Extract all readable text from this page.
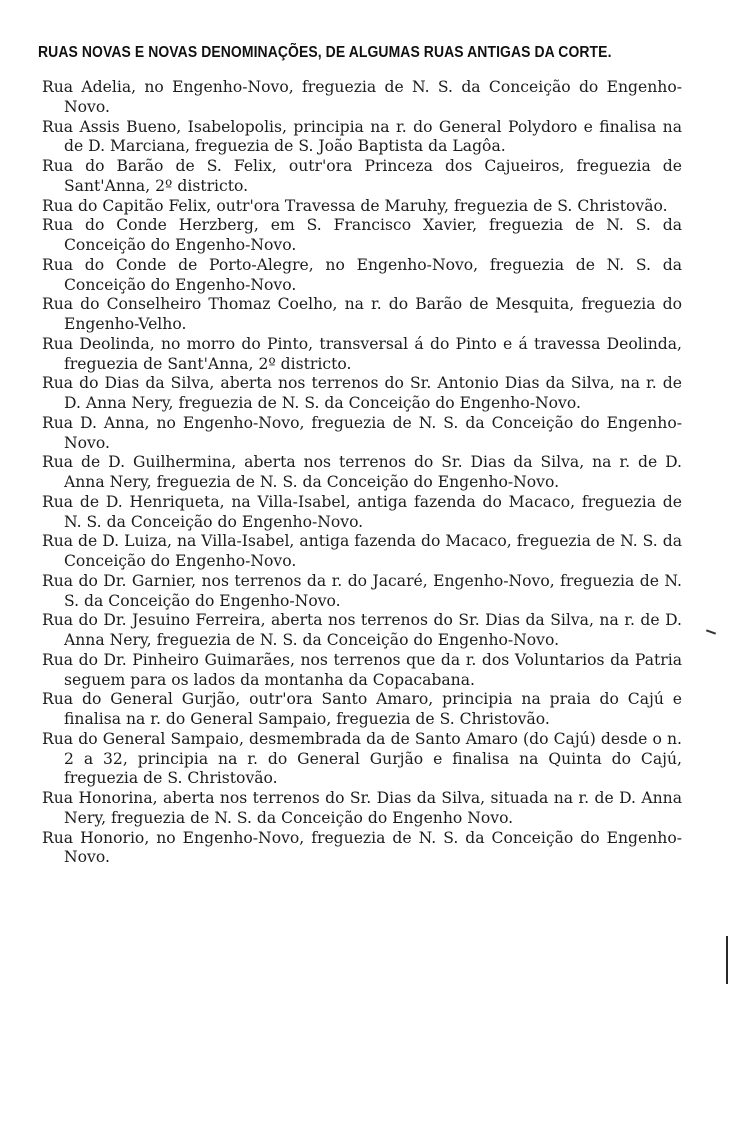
RUAS NOVAS E NOVAS DENOMINAÇÕES, DE ALGUMAS RUAS ANTIGAS DA CORTE.
Rua Adelia, no Engenho-Novo, freguezia de N. S. da Conceição do Engenho-Novo.
Rua Assis Bueno, Isabelopolis, principia na r. do General Polydoro e finalisa na de D. Marciana, freguezia de S. João Baptista da Lagôa.
Rua do Barão de S. Felix, outr'ora Princeza dos Cajueiros, freguezia de Sant'Anna, 2º districto.
Rua do Capitão Felix, outr'ora Travessa de Maruhy, freguezia de S. Christovão.
Rua do Conde Herzberg, em S. Francisco Xavier, freguezia de N. S. da Conceição do Engenho-Novo.
Rua do Conde de Porto-Alegre, no Engenho-Novo, freguezia de N. S. da Conceição do Engenho-Novo.
Rua do Conselheiro Thomaz Coelho, na r. do Barão de Mesquita, freguezia do Engenho-Velho.
Rua Deolinda, no morro do Pinto, transversal á do Pinto e á travessa Deolinda, freguezia de Sant'Anna, 2º districto.
Rua do Dias da Silva, aberta nos terrenos do Sr. Antonio Dias da Silva, na r. de D. Anna Nery, freguezia de N. S. da Conceição do Engenho-Novo.
Rua D. Anna, no Engenho-Novo, freguezia de N. S. da Conceição do Engenho-Novo.
Rua de D. Guilhermina, aberta nos terrenos do Sr. Dias da Silva, na r. de D. Anna Nery, freguezia de N. S. da Conceição do Engenho-Novo.
Rua de D. Henriqueta, na Villa-Isabel, antiga fazenda do Macaco, freguezia de N. S. da Conceição do Engenho-Novo.
Rua de D. Luiza, na Villa-Isabel, antiga fazenda do Macaco, freguezia de N. S. da Conceição do Engenho-Novo.
Rua do Dr. Garnier, nos terrenos da r. do Jacaré, Engenho-Novo, freguezia de N. S. da Conceição do Engenho-Novo.
Rua do Dr. Jesuino Ferreira, aberta nos terrenos do Sr. Dias da Silva, na r. de D. Anna Nery, freguezia de N. S. da Conceição do Engenho-Novo.
Rua do Dr. Pinheiro Guimarães, nos terrenos que da r. dos Voluntarios da Patria seguem para os lados da montanha da Copacabana.
Rua do General Gurjão, outr'ora Santo Amaro, principia na praia do Cajú e finalisa na r. do General Sampaio, freguezia de S. Christovão.
Rua do General Sampaio, desmembrada da de Santo Amaro (do Cajú) desde o n. 2 a 32, principia na r. do General Gurjão e finalisa na Quinta do Cajú, freguezia de S. Christovão.
Rua Honorina, aberta nos terrenos do Sr. Dias da Silva, situada na r. de D. Anna Nery, freguezia de N. S. da Conceição do Engenho Novo.
Rua Honorio, no Engenho-Novo, freguezia de N. S. da Conceição do Engenho-Novo.
